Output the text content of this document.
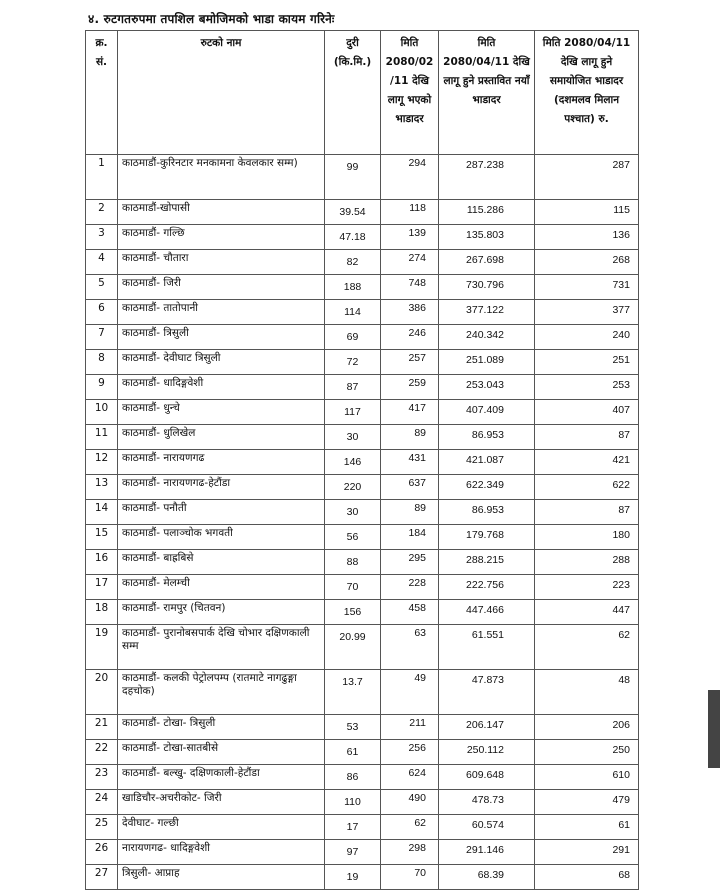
४. रुटगतरुपमा तपशिल बमोजिमको भाडा कायम गरिनेः
क्र. सं.	रुटको नाम	दुरी (कि.मि.)	मिति 2080/02 /11 देखि लागू भएको भाडादर	मिति 2080/04/11 देखि लागू हुने प्रस्तावित नयाँ भाडादर	मिति 2080/04/11 देखि लागू हुने समायोजित भाडादर (दशमलव मिलान पश्चात) रु.
1	काठमाडौं-कुरिनटार मनकामना केवलकार सम्म)	99	294	287.238	287
2	काठमाडौं-खोपासी	39.54	118	115.286	115
3	काठमाडौं- गल्छि	47.18	139	135.803	136
4	काठमाडौं- चौतारा	82	274	267.698	268
5	काठमाडौं- जिरी	188	748	730.796	731
6	काठमाडौं- तातोपानी	114	386	377.122	377
7	काठमाडौं- त्रिसुली	69	246	240.342	240
8	काठमाडौं- देवीघाट त्रिसुली	72	257	251.089	251
9	काठमाडौं- धादिङ्गवेशी	87	259	253.043	253
10	काठमाडौं- धुन्चे	117	417	407.409	407
11	काठमाडौं- धुलिखेल	30	89	86.953	87
12	काठमाडौं- नारायणगढ	146	431	421.087	421
13	काठमाडौं- नारायणगढ-हेटौंडा	220	637	622.349	622
14	काठमाडौं- पनौती	30	89	86.953	87
15	काठमाडौं- पलाञ्चोक भगवती	56	184	179.768	180
16	काठमाडौं- बाह्रबिसे	88	295	288.215	288
17	काठमाडौं- मेलम्ची	70	228	222.756	223
18	काठमाडौं- रामपुर (चितवन)	156	458	447.466	447
19	काठमाडौं- पुरानोबसपार्क देखि चोभार दक्षिणकाली सम्म	20.99	63	61.551	62
20	काठमाडौं- कलकी पेट्रोलपम्प (रातमाटे नागढुङ्गा दहचोक)	13.7	49	47.873	48
21	काठमाडौं- टोखा- त्रिसुली	53	211	206.147	206
22	काठमाडौं- टोखा-सातबीसे	61	256	250.112	250
23	काठमाडौं- बल्खु- दक्षिणकाली-हेटौंडा	86	624	609.648	610
24	खाडिचौर-अचरीकोट- जिरी	110	490	478.73	479
25	देवीघाट- गल्छी	17	62	60.574	61
26	नारायणगढ- धादिङ्गवेशी	97	298	291.146	291
27	त्रिसुली- आप्राह	19	70	68.39	68
